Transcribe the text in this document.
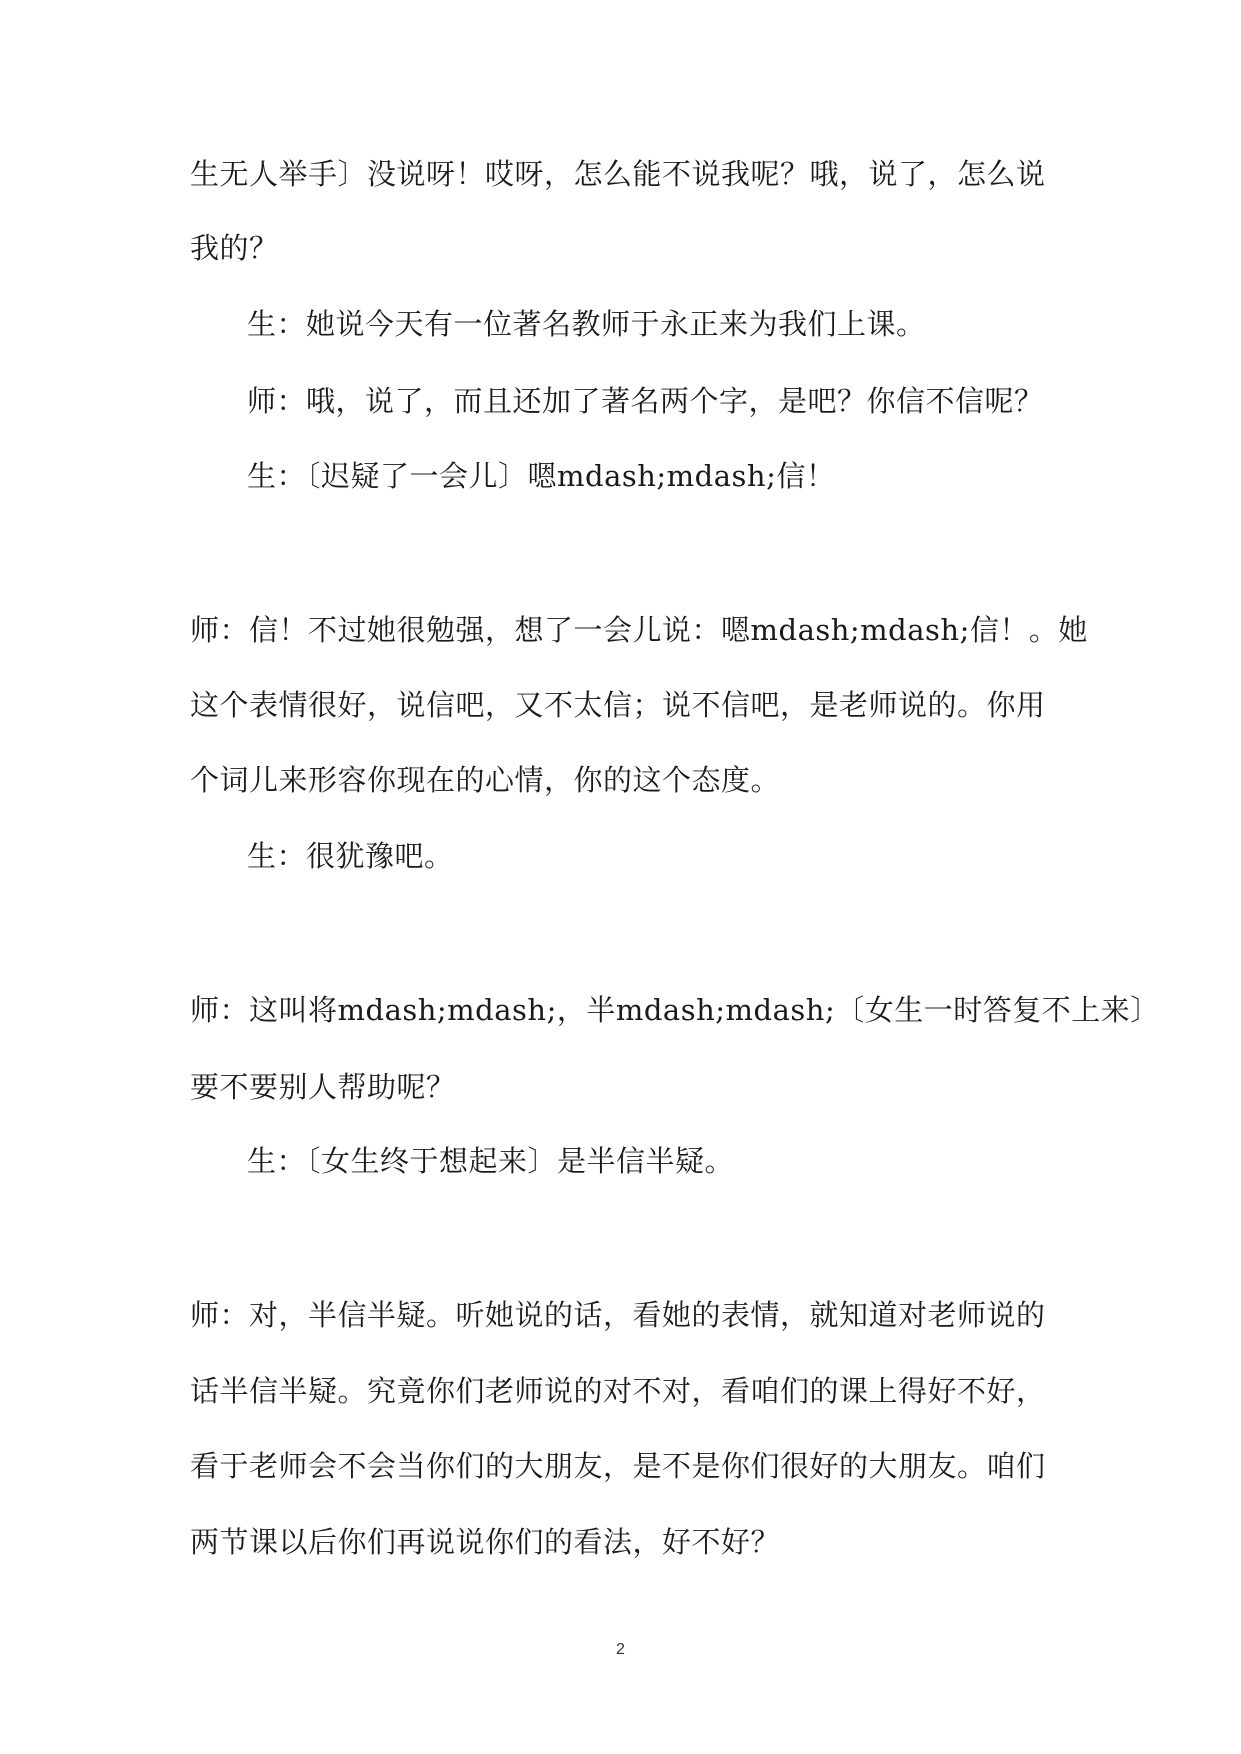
生无人举手〕没说呀！哎呀，怎么能不说我呢？哦，说了，怎么说
我的？
生：她说今天有一位著名教师于永正来为我们上课。
师：哦，说了，而且还加了著名两个字，是吧？你信不信呢？
生：〔迟疑了一会儿〕嗯mdash;mdash;信！
师：信！不过她很勉强，想了一会儿说：嗯mdash;mdash;信！。她
这个表情很好，说信吧，又不太信；说不信吧，是老师说的。你用
个词儿来形容你现在的心情，你的这个态度。
生：很犹豫吧。
师：这叫将mdash;mdash;，半mdash;mdash;〔女生一时答复不上来〕
要不要别人帮助呢？
生：〔女生终于想起来〕是半信半疑。
师：对，半信半疑。听她说的话，看她的表情，就知道对老师说的
话半信半疑。究竟你们老师说的对不对，看咱们的课上得好不好，
看于老师会不会当你们的大朋友，是不是你们很好的大朋友。咱们
两节课以后你们再说说你们的看法，好不好？
2
